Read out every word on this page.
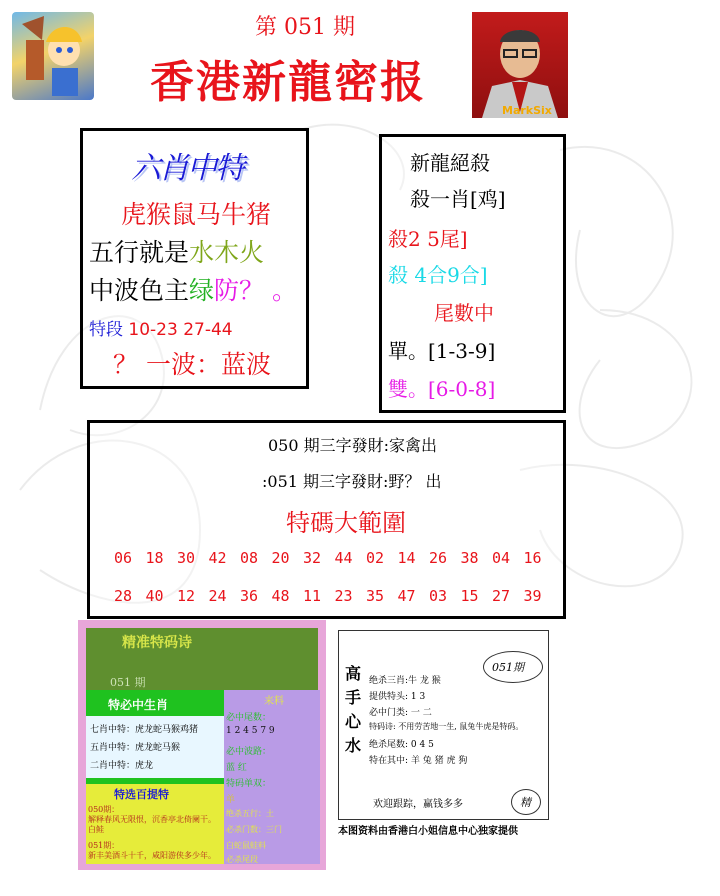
第 051 期
香港新龍密报
MarkSix
六肖中特
虎猴鼠马牛猪
五行就是水木火
中波色主绿防？ 。
特段 10-23 27-44
？ 一波：蓝波
新龍絕殺
殺一肖[鸡]
殺2 5尾]
殺 4合9合]
尾數中
單。[1-3-9]
雙。[6-0-8]
050 期三字發財:家禽出
:051 期三字發財:野？ 出
特碼大範圍
06 18 30 42 08 20 32 44 02 14 26 38 04 16
28 40 12 24 36 48 11 23 35 47 03 15 27 39
精准特码诗
051 期
特必中生肖
七肖中特：虎龙蛇马猴鸡猪
五肖中特：虎龙蛇马猴
二肖中特：虎龙
特选百提特
050期：
解释春风无限恨，沉香亭北倚阑干。
白鲑
051期：
新丰美酒斗十千，咸阳游侠多少年。
来料
必中尾数：
1 2 4 5 7 9
必中波路：
蓝 红
特码单双：
单
绝杀五行：土
必杀门数：三门
白蛇鼠蛙料
必杀尾段
高
手
心
水
051期
绝杀三肖:牛 龙 猴
提供特头: 1 3
必中门类: 一 二
特码诗: 不用劳苦地一生, 鼠兔牛虎是特码。
绝杀尾数: 0 4 5
特在其中: 羊 兔 猪 虎 狗
欢迎跟踪，赢钱多多	精
本图资料由香港白小姐信息中心独家提供
